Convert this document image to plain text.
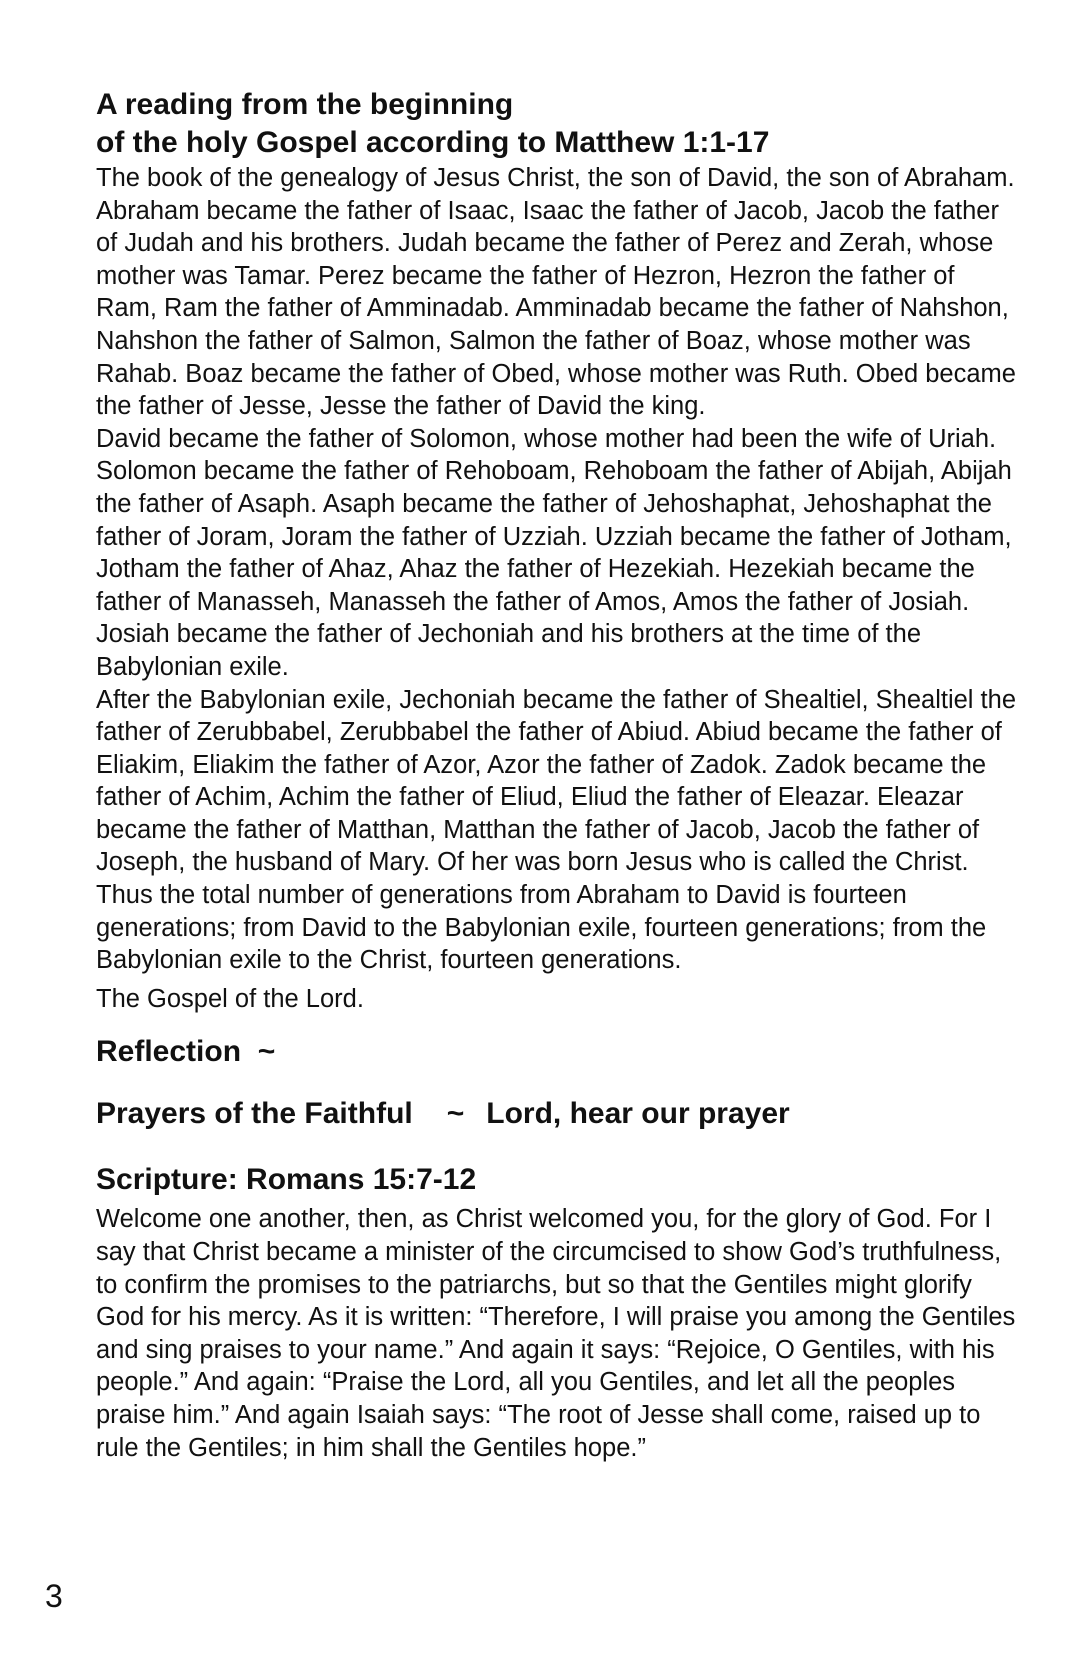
A reading from the beginning
of the holy Gospel according to Matthew 1:1-17

The book of the genealogy of Jesus Christ, the son of David, the son of Abraham. Abraham became the father of Isaac, Isaac the father of Jacob, Jacob the father of Judah and his brothers. Judah became the father of Perez and Zerah, whose mother was Tamar. Perez became the father of Hezron, Hezron the father of Ram, Ram the father of Amminadab. Amminadab became the father of Nahshon, Nahshon the father of Salmon, Salmon the father of Boaz, whose mother was Rahab. Boaz became the father of Obed, whose mother was Ruth. Obed became the father of Jesse, Jesse the father of David the king.

David became the father of Solomon, whose mother had been the wife of Uriah. Solomon became the father of Rehoboam, Rehoboam the father of Abijah, Abijah the father of Asaph. Asaph became the father of Jehoshaphat, Jehoshaphat the father of Joram, Joram the father of Uzziah. Uzziah became the father of Jotham, Jotham the father of Ahaz, Ahaz the father of Hezekiah. Hezekiah became the father of Manasseh, Manasseh the father of Amos, Amos the father of Josiah. Josiah became the father of Jechoniah and his brothers at the time of the Babylonian exile.

After the Babylonian exile, Jechoniah became the father of Shealtiel, Shealtiel the father of Zerubbabel, Zerubbabel the father of Abiud. Abiud became the father of Eliakim, Eliakim the father of Azor, Azor the father of Zadok. Zadok became the father of Achim, Achim the father of Eliud, Eliud the father of Eleazar. Eleazar became the father of Matthan, Matthan the father of Jacob, Jacob the father of Joseph, the husband of Mary. Of her was born Jesus who is called the Christ.

Thus the total number of generations from Abraham to David is fourteen generations; from David to the Babylonian exile, fourteen generations; from the Babylonian exile to the Christ, fourteen generations.

The Gospel of the Lord.

Reflection ~
Prayers of the Faithful ~ Lord, hear our prayer
Scripture: Romans 15:7-12

Welcome one another, then, as Christ welcomed you, for the glory of God. For I say that Christ became a minister of the circumcised to show God’s truthfulness, to confirm the promises to the patriarchs, but so that the Gentiles might glorify God for his mercy. As it is written: “Therefore, I will praise you among the Gentiles and sing praises to your name.” And again it says: “Rejoice, O Gentiles, with his people.” And again: “Praise the Lord, all you Gentiles, and let all the peoples praise him.” And again Isaiah says: “The root of Jesse shall come, raised up to rule the Gentiles; in him shall the Gentiles hope.”

3
